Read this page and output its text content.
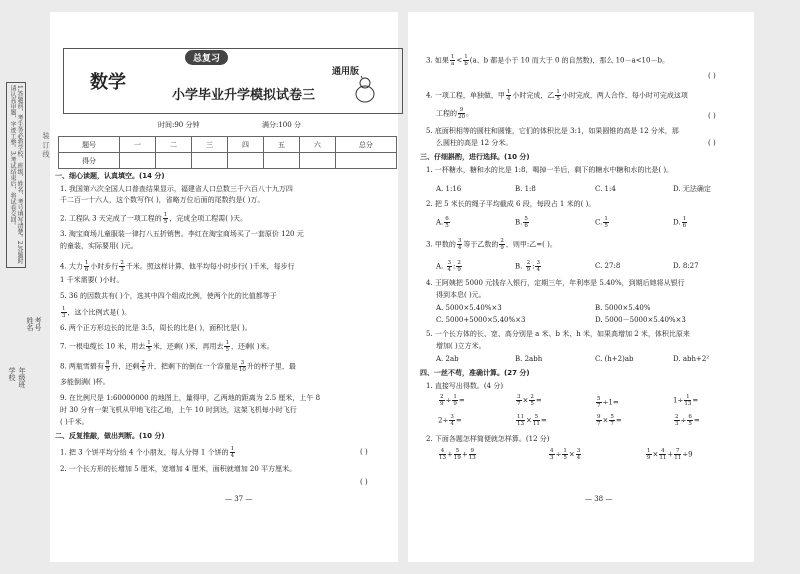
1.答题前，考生务必将学校、班级、姓名、考号填写清楚。2.答题时请认真审题，字迹工整。3.考试结束后，将试卷交回。	装 订 线
学校 年级班
姓名 考号
数学
总复习
小学毕业升学模拟试卷三
通用版
时间:90 分钟	满分:100 分
题号	一	二	三	四	五	六	总分
得分							
一、细心读题，认真填空。(14 分)
1. 我国第六次全国人口普查结果显示，福建省人口总数三千六百八十九万四
千二百一十六人，这个数写作( )，省略万位后面的尾数约是( )万。
2. 工程队 3 天完成了一项工程的 $\frac{1}{5}$ ，完成全项工程需( )天。
3. 淘宝商场儿童服装一律打八五折销售。李红在淘宝商场买了一套原价 120 元
的童装，实际要用( )元。
4. 大力 $\frac{1}{6}$ 小时步行 $\frac{2}{3}$ 千米。照这样计算，他平均每小时步行( )千米，每步行
1 千米需要( )小时。
5. 36 的因数共有( )个，选其中四个组成比例，使两个比的比值都等于
$\frac{1}{3}$ ，这个比例式是( )。
6. 两个正方形边长的比是 3:5，周长的比是( )，面积比是( )。
7. 一根电缆长 10 米，用去 $\frac{1}{5}$ 米，还剩( )米，再用去 $\frac{1}{5}$ ，还剩( )米。
8. 两瓶雪碧有 $\frac{8}{5}$ 升，还剩 $\frac{2}{5}$ 升，把剩下的倒在一个容量是 $\frac{3}{10}$ 升的杯子里，最
多能倒满( )杯。
9. 在比例尺是 1:60000000 的地图上，量得甲，乙两地的距离为 2.5 厘米，上午 8
时 30 分有一架飞机从甲地飞往乙地，上午 10 时到达，这架飞机每小时飞行
( )千米。
二、反复推敲，做出判断。(10 分)
1. 把 3 个饼平均分给 4 个小朋友，每人分得 1 个饼的 $\frac{1}{4}$	( )
2. 一个长方形的长增加 5 厘米，宽增加 4 厘米，面积就增加 20 平方厘米。
( )
— 37 —
3. 如果 $\frac{1}{a} < \frac{1}{b} (a$、b 都是小于 10 而大于 0 的自然数)，那么 10－a<10－b。
( )
4. 一项工程，单独做，甲 $\frac{1}{4}$ 小时完成，乙 $\frac{1}{5}$ 小时完成，两人合作，每小时可完成这项
工程的 $\frac{9}{20}$ 。	( )
5. 底面积相等的圆柱和圆锥，它们的体积比是 3:1，如果圆锥的高是 12 分米，那
么圆柱的高是 12 分米。	( )
三、仔细斟酌，进行选择。(10 分)
1. 一杯糖水，糖和水的比是 1:8，喝掉一半后，剩下的糖水中糖和水的比是( )。
A. 1:16	B. 1:8	C. 1:4	D. 无法确定
2. 把 5 米长的绳子平均截成 6 段，每段占 1 米的( )。
A. $\frac{6}{5}$	B. $\frac{5}{6}$	C. $\frac{1}{5}$	D. $\frac{1}{6}$
3. 甲数的 $\frac{3}{4}$ 等于乙数的 $\frac{2}{9}$ ，则甲:乙=( )。
A. $\frac{3}{4}$ : $\frac{2}{9}$	B. $\frac{2}{9}$ : $\frac{3}{4}$	C. 27:8	D. 8:27
4. 王阿姨把 5000 元钱存入银行，定期三年，年利率是 5.40%，到期后她将从银行
得到本息( )元。
A. 5000×5.40%×3	B. 5000×5.40%
C. 5000+5000×5.40%×3	D. 5000－5000×5.40%×3
5. 一个长方体的长、宽、高分别是 a 米、b 米、h 米，如果高增加 2 米，体积比原来
增加( )立方米。
A. 2ab	B. 2abh	C. (h+2)ab	D. abh+2²
四、一丝不苟，准确计算。(27 分)
1. 直接写出得数。(4 分)
$\frac{2}{9} \div \frac{1}{9}$ =	$\frac{3}{7} \times \frac{2}{5}$ =	$\frac{5}{7} \div 1=$	$1\div \frac{1}{13}$ =
$2\div \frac{3}{4}$ =	$\frac{11}{13} \times \frac{5}{11}$ =	$\frac{9}{7} \times \frac{5}{7}$ =	$\frac{2}{3} \div \frac{6}{5}$ =
2. 下面各题怎样简便就怎样算。(12 分)
$\frac{4}{13} + \frac{5}{19} + \frac{9}{13}$	$\frac{4}{3} \div \frac{1}{5} \times \frac{3}{4}$	$\frac{1}{9} \times \frac{4}{11} + \frac{7}{11} \div 9$
— 38 —
